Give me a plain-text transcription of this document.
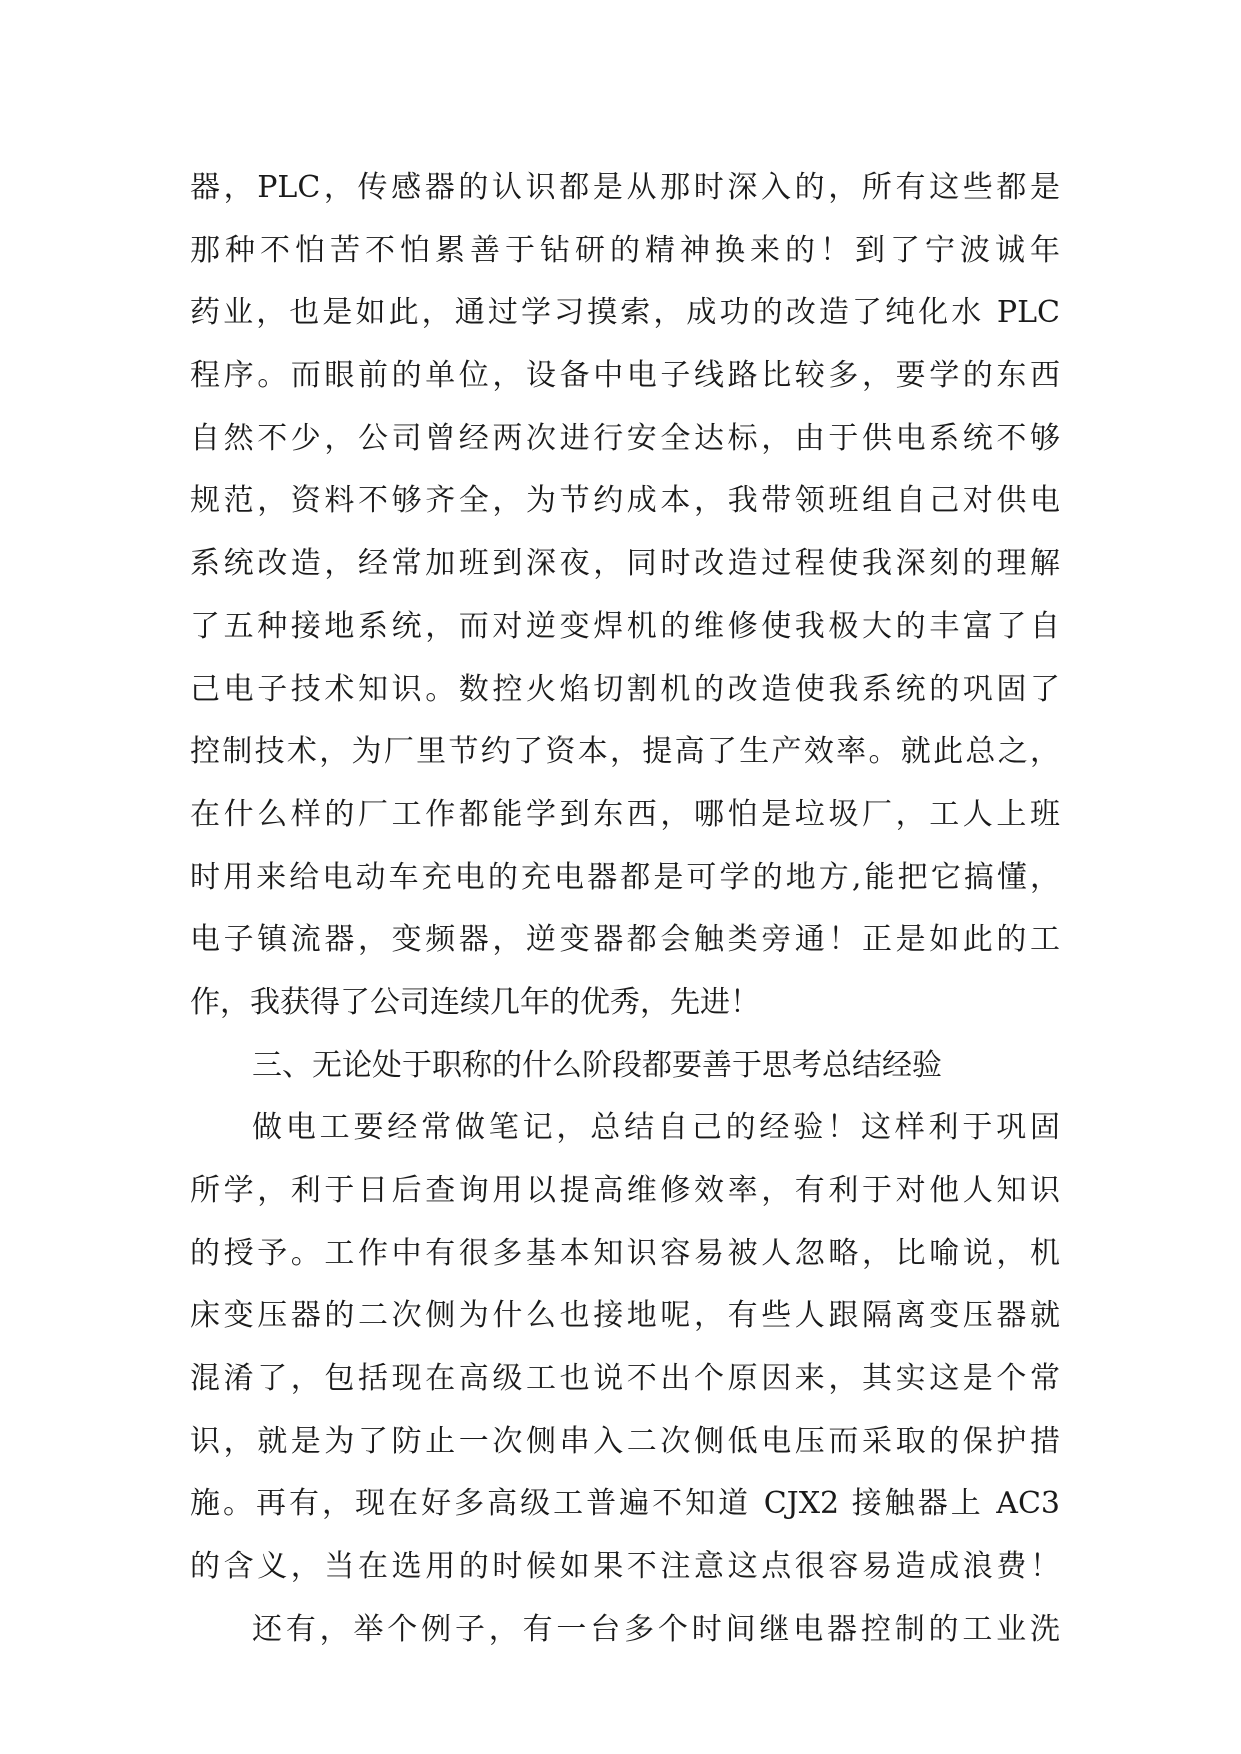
器，PLC，传感器的认识都是从那时深入的，所有这些都是
那种不怕苦不怕累善于钻研的精神换来的！到了宁波诚年
药业，也是如此，通过学习摸索，成功的改造了纯化水 PLC
程序。而眼前的单位，设备中电子线路比较多，要学的东西
自然不少，公司曾经两次进行安全达标，由于供电系统不够
规范，资料不够齐全，为节约成本，我带领班组自己对供电
系统改造，经常加班到深夜，同时改造过程使我深刻的理解
了五种接地系统，而对逆变焊机的维修使我极大的丰富了自
己电子技术知识。数控火焰切割机的改造使我系统的巩固了
控制技术，为厂里节约了资本，提高了生产效率。就此总之，
在什么样的厂工作都能学到东西，哪怕是垃圾厂，工人上班
时用来给电动车充电的充电器都是可学的地方,能把它搞懂，
电子镇流器，变频器，逆变器都会触类旁通！正是如此的工
作，我获得了公司连续几年的优秀，先进！
三、无论处于职称的什么阶段都要善于思考总结经验
做电工要经常做笔记，总结自己的经验！这样利于巩固
所学，利于日后查询用以提高维修效率，有利于对他人知识
的授予。工作中有很多基本知识容易被人忽略，比喻说，机
床变压器的二次侧为什么也接地呢，有些人跟隔离变压器就
混淆了，包括现在高级工也说不出个原因来，其实这是个常
识，就是为了防止一次侧串入二次侧低电压而采取的保护措
施。再有，现在好多高级工普遍不知道 CJX2 接触器上 AC3
的含义，当在选用的时候如果不注意这点很容易造成浪费！
还有，举个例子，有一台多个时间继电器控制的工业洗
